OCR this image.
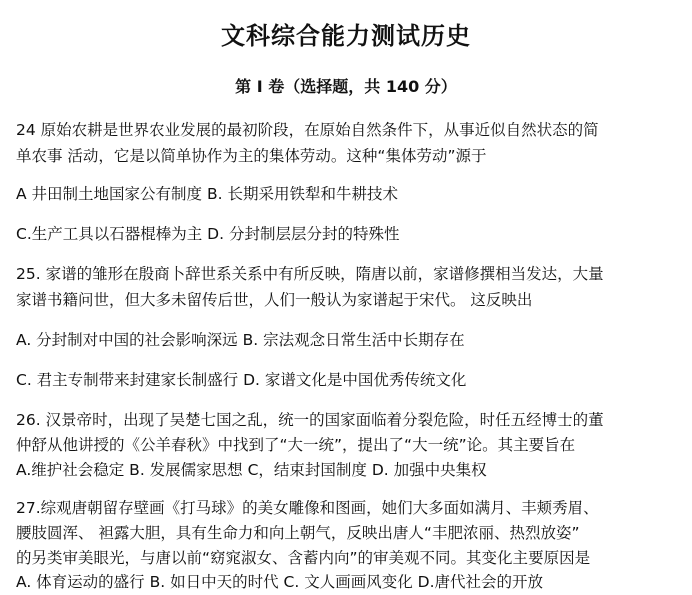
文科综合能力测试历史
第 I 卷（选择题，共 140 分）
24 原始农耕是世界农业发展的最初阶段，在原始自然条件下，从事近似自然状态的简
单农事 活动，它是以简单协作为主的集体劳动。这种“集体劳动”源于
A 井田制土地国家公有制度 B. 长期采用铁犁和牛耕技术
C.生产工具以石器棍棒为主 D. 分封制层层分封的特殊性
25. 家谱的雏形在殷商卜辞世系关系中有所反映，隋唐以前，家谱修撰相当发达，大量
家谱书籍问世，但大多未留传后世，人们一般认为家谱起于宋代。 这反映出
A. 分封制对中国的社会影响深远 B. 宗法观念日常生活中长期存在
C. 君主专制带来封建家长制盛行 D. 家谱文化是中国优秀传统文化
26. 汉景帝时，出现了吴楚七国之乱，统一的国家面临着分裂危险，时任五经博士的董
仲舒从他讲授的《公羊春秋》中找到了“大一统”，提出了“大一统”论。其主要旨在
A.维护社会稳定 B. 发展儒家思想 C，结束封国制度 D. 加强中央集权
27.综观唐朝留存壁画《打马球》的美女雕像和图画，她们大多面如满月、丰颊秀眉、
腰肢圆浑、 袒露大胆，具有生命力和向上朝气，反映出唐人“丰肥浓丽、热烈放姿”
的另类审美眼光，与唐以前“窈窕淑女、含蓄内向”的审美观不同。其变化主要原因是
A. 体育运动的盛行 B. 如日中天的时代 C. 文人画画风变化 D.唐代社会的开放
